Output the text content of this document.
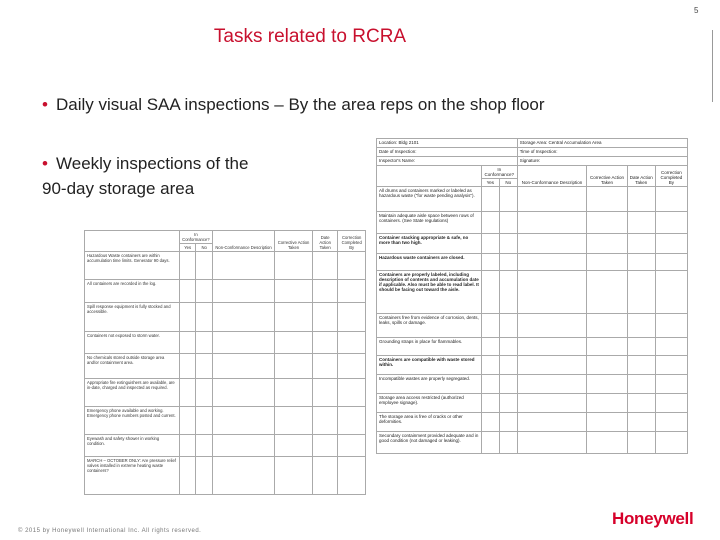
5
Tasks related to RCRA
• Daily visual SAA inspections – By the area reps on the shop floor
• Weekly inspections of the
90-day storage area
	In Conformance?		Non-Conformance Description	Corrective Action Taken	Date Action Taken	Correction Completed By
	Yes	No				
Hazardous Waste containers are within accumulation time limits. Generator 90 days.						
All containers are recorded in the log.						
Spill response equipment is fully stocked and accessible.						
Containers not exposed to storm water.						
No chemicals stored outside storage area and/or containment area.						
Appropriate fire extinguishers are available, are in-date, charged and inspected as required.						
Emergency phone available and working. Emergency phone numbers posted and current.						
Eyewash and safety shower in working condition.						
MARCH – OCTOBER ONLY: Are pressure relief valves installed in extreme heating waste containers?						
Location: Bldg 2101			Storage Area: Central Accumulation Area			
Date of Inspection:			Time of Inspection:			
Inspector's Name:			Signature:			
	In Conformance?		Non-Conformance Description	Corrective Action Taken	Date Action Taken	Correction Completed By
	Yes	No				
All drums and containers marked or labeled as hazardous waste ("for waste pending analysis").						
Maintain adequate aisle space between rows of containers. (See State regulations)						
Container stacking appropriate & safe, no more than two high.						
Hazardous waste containers are closed.						
Containers are properly labeled, including description of contents and accumulation date if applicable. Also must be able to read label. It should be facing out toward the aisle.						
Containers free from evidence of corrosion, dents, leaks, spills or damage.						
Grounding straps in place for flammables.						
Containers are compatible with waste stored within.						
Incompatible wastes are properly segregated.						
Storage area access restricted (authorized employee signage).						
The storage area is free of cracks or other deformities.						
Secondary containment provided adequate and in good condition (not damaged or leaking).						
© 2015 by Honeywell International Inc. All rights reserved.
Honeywell
